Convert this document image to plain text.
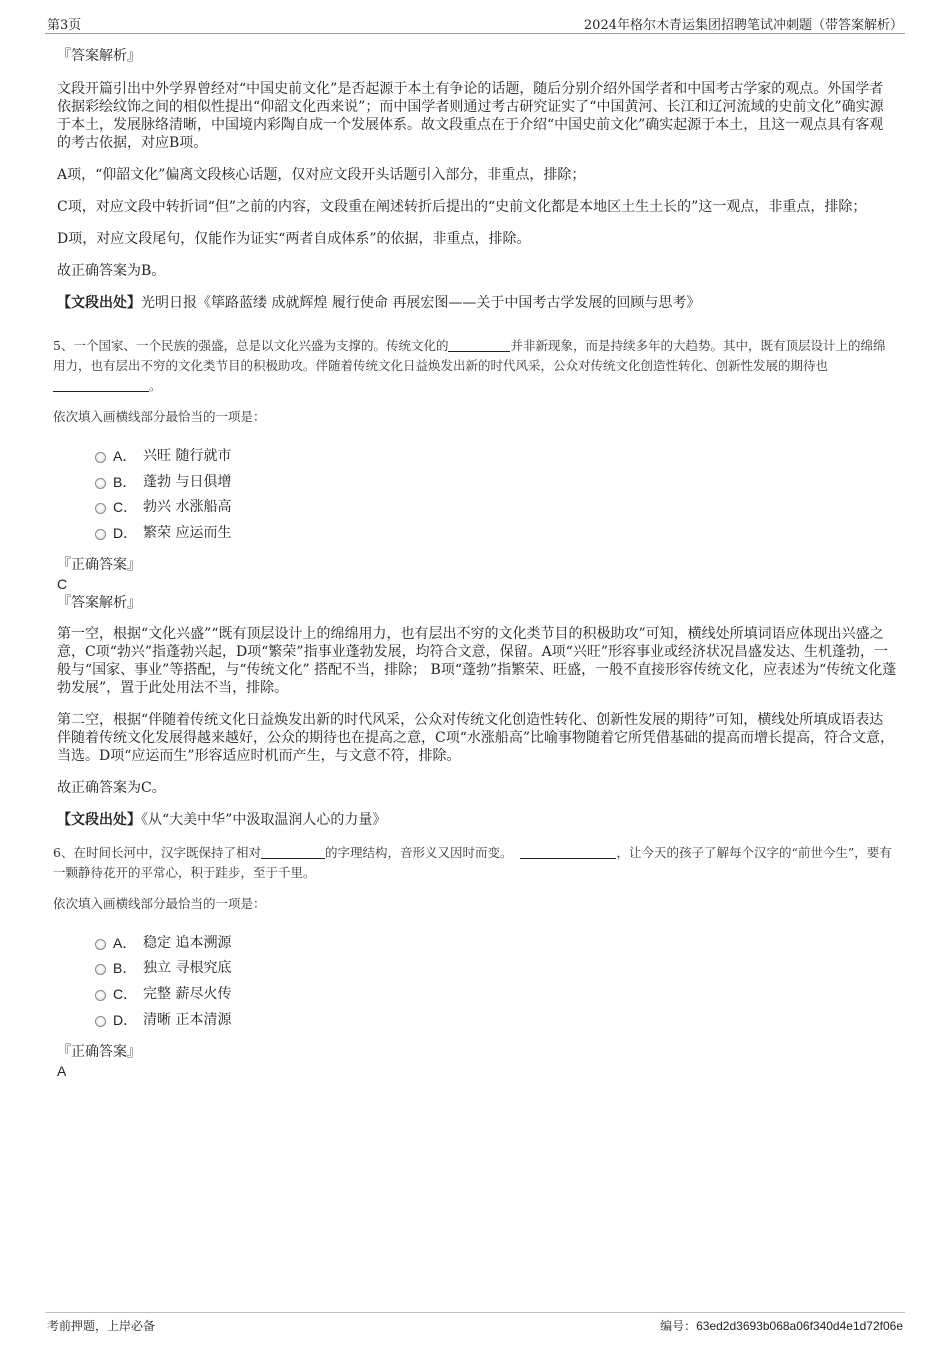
第3页	2024年格尔木青运集团招聘笔试冲刺题（带答案解析）
『答案解析』

文段开篇引出中外学界曾经对“中国史前文化”是否起源于本土有争论的话题，随后分别介绍外国学者和中国考古学家的观点。外国学者依据彩绘纹饰之间的相似性提出“仰韶文化西来说”；而中国学者则通过考古研究证实了“中国黄河、长江和辽河流域的史前文化”确实源于本土，发展脉络清晰，中国境内彩陶自成一个发展体系。故文段重点在于介绍“中国史前文化”确实起源于本土，且这一观点具有客观的考古依据，对应B项。

A项，“仰韶文化”偏离文段核心话题，仅对应文段开头话题引入部分，非重点，排除；

C项，对应文段中转折词“但”之前的内容，文段重在阐述转折后提出的“史前文化都是本地区土生土长的”这一观点，非重点，排除；

D项，对应文段尾句，仅能作为证实“两者自成体系”的依据，非重点，排除。

故正确答案为B。

【文段出处】光明日报《筚路蓝缕 成就辉煌 履行使命 再展宏图——关于中国考古学发展的回顾与思考》

5、一个国家、一个民族的强盛，总是以文化兴盛为支撑的。传统文化的	并非新现象，而是持续多年的大趋势。其中，既有顶层设计上的绵绵用力，也有层出不穷的文化类节目的积极助攻。伴随着传统文化日益焕发出新的时代风采，公众对传统文化创造性转化、创新性发展的期待也。

依次填入画横线部分最恰当的一项是：

A． 兴旺 随行就市
B． 蓬勃 与日俱增
C． 勃兴 水涨船高
D． 繁荣 应运而生
『正确答案』
C
『答案解析』

第一空，根据“文化兴盛”“既有顶层设计上的绵绵用力，也有层出不穷的文化类节目的积极助攻”可知，横线处所填词语应体现出兴盛之意，C项“勃兴”指蓬勃兴起，D项“繁荣”指事业蓬勃发展，均符合文意，保留。A项“兴旺”形容事业或经济状况昌盛发达、生机蓬勃，一般与“国家、事业”等搭配，与“传统文化” 搭配不当，排除； B项“蓬勃”指繁荣、旺盛，一般不直接形容传统文化，应表述为“传统文化蓬勃发展”，置于此处用法不当，排除。

第二空，根据“伴随着传统文化日益焕发出新的时代风采，公众对传统文化创造性转化、创新性发展的期待”可知，横线处所填成语表达伴随着传统文化发展得越来越好，公众的期待也在提高之意，C项“水涨船高”比喻事物随着它所凭借基础的提高而增长提高，符合文意，当选。D项“应运而生”形容适应时机而产生，与文意不符，排除。

故正确答案为C。

【文段出处】《从“大美中华”中汲取温润人心的力量》

6、在时间长河中，汉字既保持了相对	的字理结构，音形义又因时而变。	，让今天的孩子了解每个汉字的“前世今生”，要有一颗静待花开的平常心，积于跬步，至于千里。

依次填入画横线部分最恰当的一项是：

A． 稳定 追本溯源
B． 独立 寻根究底
C． 完整 薪尽火传
D． 清晰 正本清源
『正确答案』
A
考前押题，上岸必备	编号：63ed2d3693b068a06f340d4e1d72f06e
